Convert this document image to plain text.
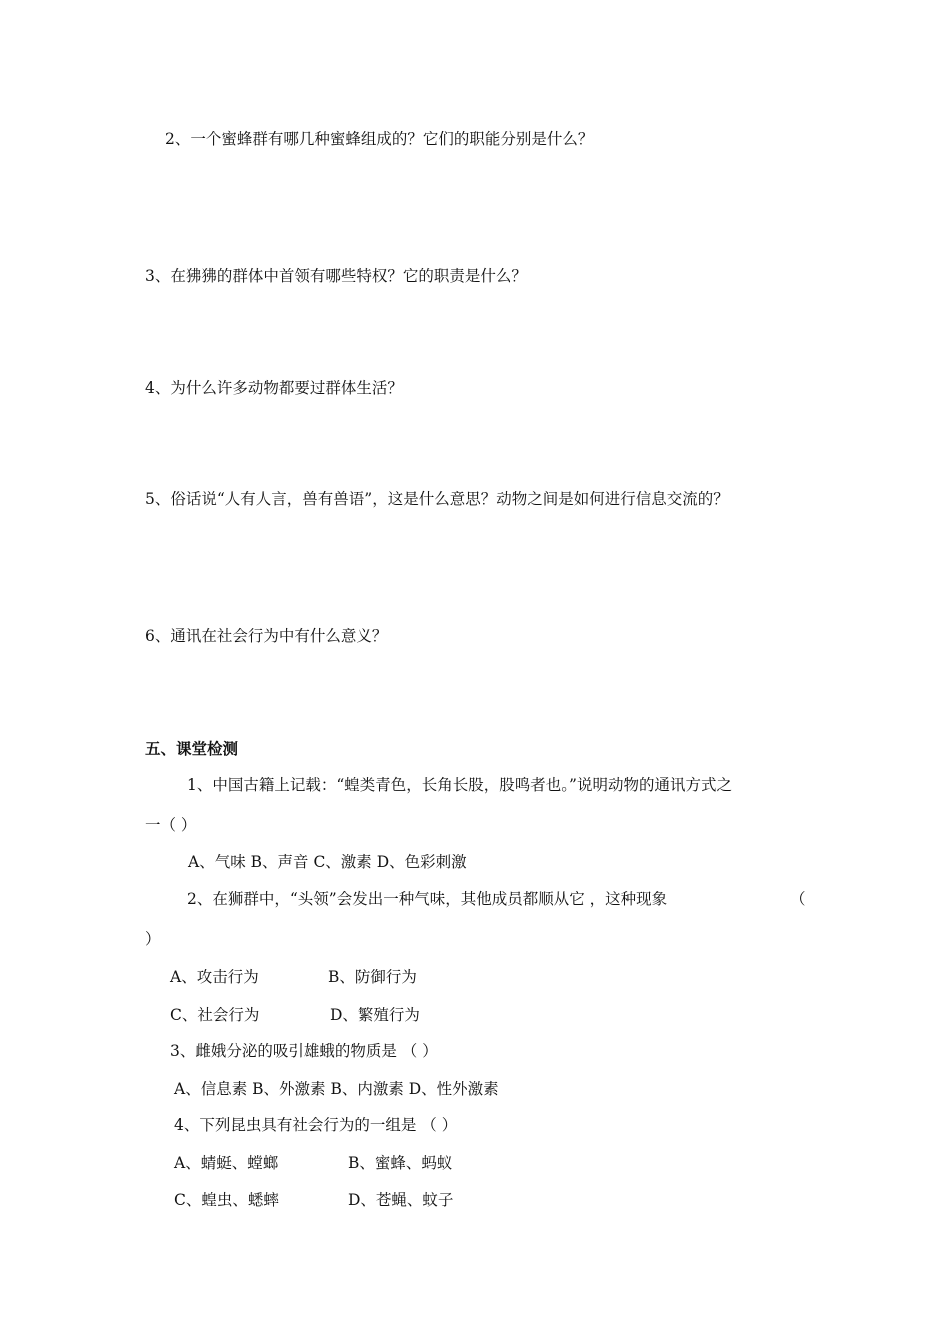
2、一个蜜蜂群有哪几种蜜蜂组成的？它们的职能分别是什么？
3、在狒狒的群体中首领有哪些特权？它的职责是什么？
4、为什么许多动物都要过群体生活？
5、俗话说“人有人言，兽有兽语”，这是什么意思？动物之间是如何进行信息交流的？
6、通讯在社会行为中有什么意义？
五、课堂检测
1、中国古籍上记载：“蝗类青色，长角长股，股鸣者也。”说明动物的通讯方式之
一（ ）
A、气味 B、声音 C、激素 D、色彩刺激
2、在狮群中，“头领”会发出一种气味，其他成员都顺从它 ，这种现象	（
）
A、攻击行为	B、防御行为
C、社会行为	D、繁殖行为
3、雌娥分泌的吸引雄蛾的物质是 （ ）
A、信息素 B、外激素 B、内激素 D、性外激素
4、下列昆虫具有社会行为的一组是 （ ）
A、蜻蜓、螳螂	B、蜜蜂、蚂蚁
C、蝗虫、蟋蟀	D、苍蝇、蚊子
